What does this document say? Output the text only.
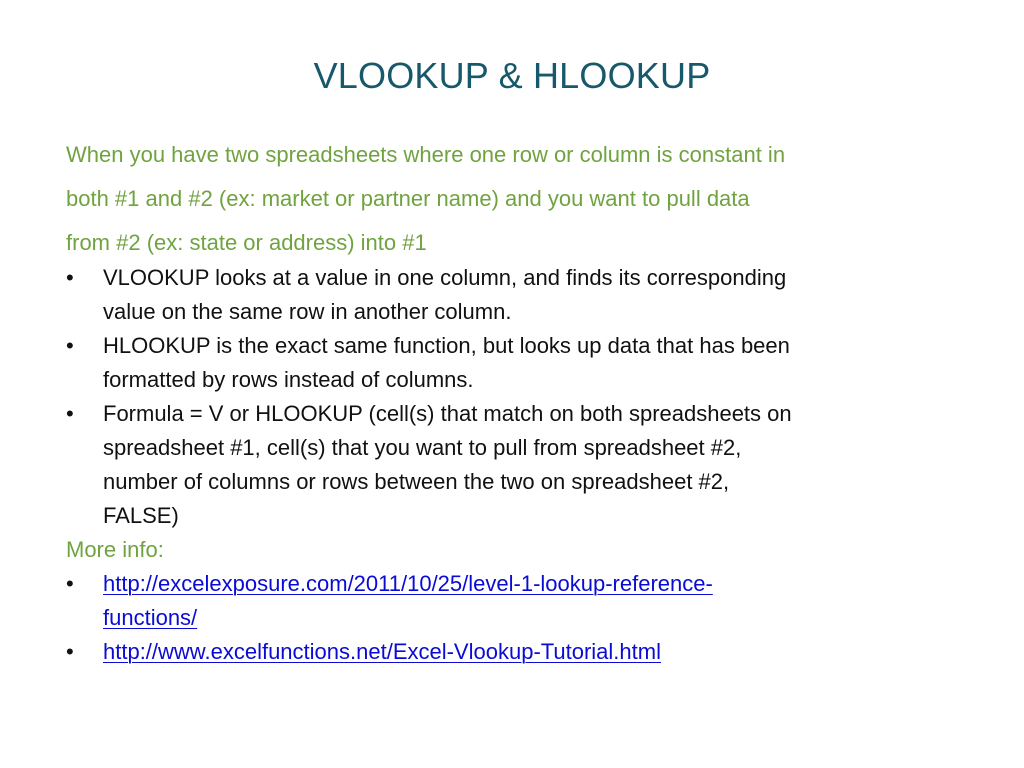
VLOOKUP & HLOOKUP
When you have two spreadsheets where one row or column is constant in
both #1 and #2 (ex: market or partner name) and you want to pull data
from #2 (ex: state or address) into #1
•	VLOOKUP looks at a value in one column, and finds its corresponding
value on the same row in another column.
•	HLOOKUP is the exact same function, but looks up data that has been
formatted by rows instead of columns.
•	Formula = V or HLOOKUP (cell(s) that match on both spreadsheets on
spreadsheet #1, cell(s) that you want to pull from spreadsheet #2,
number of columns or rows between the two on spreadsheet #2,
FALSE)
More info:
•	http://excelexposure.com/2011/10/25/level-1-lookup-reference-
functions/
•	http://www.excelfunctions.net/Excel-Vlookup-Tutorial.html
